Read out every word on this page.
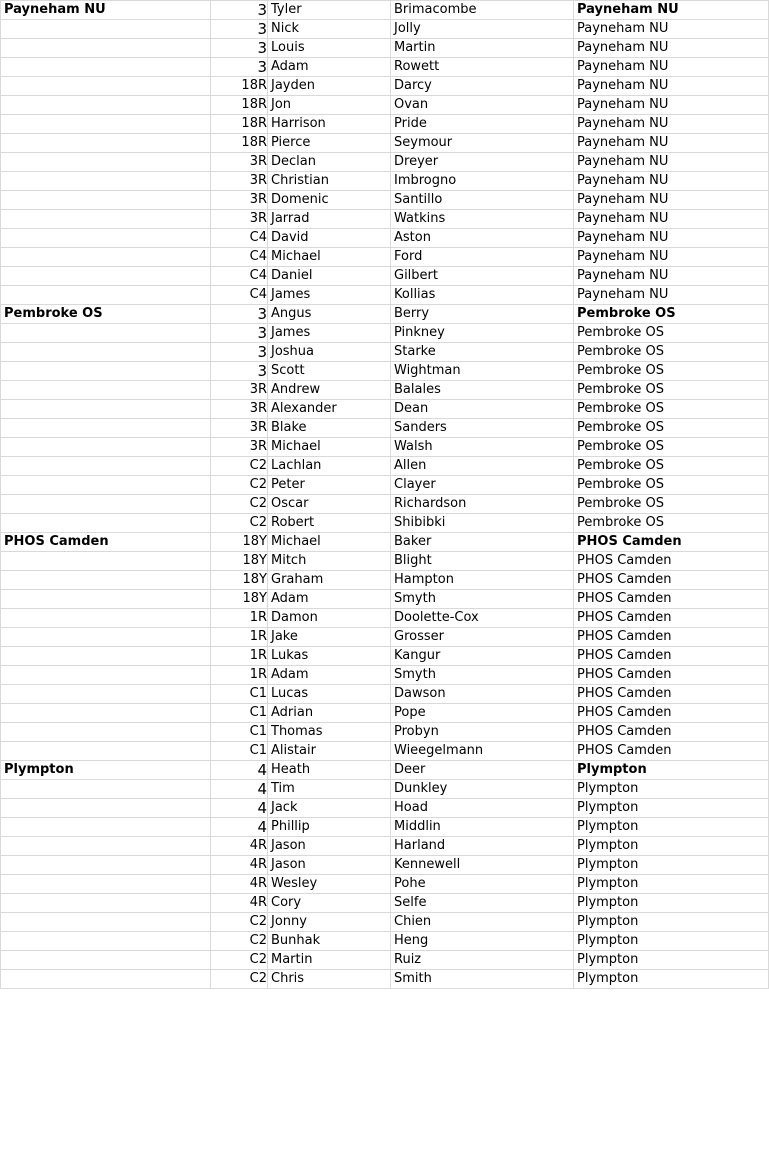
Payneham NU	3	Tyler	Brimacombe	Payneham NU
	3	Nick	Jolly	Payneham NU
	3	Louis	Martin	Payneham NU
	3	Adam	Rowett	Payneham NU
	18R	Jayden	Darcy	Payneham NU
	18R	Jon	Ovan	Payneham NU
	18R	Harrison	Pride	Payneham NU
	18R	Pierce	Seymour	Payneham NU
	3R	Declan	Dreyer	Payneham NU
	3R	Christian	Imbrogno	Payneham NU
	3R	Domenic	Santillo	Payneham NU
	3R	Jarrad	Watkins	Payneham NU
	C4	David	Aston	Payneham NU
	C4	Michael	Ford	Payneham NU
	C4	Daniel	Gilbert	Payneham NU
	C4	James	Kollias	Payneham NU
Pembroke OS	3	Angus	Berry	Pembroke OS
	3	James	Pinkney	Pembroke OS
	3	Joshua	Starke	Pembroke OS
	3	Scott	Wightman	Pembroke OS
	3R	Andrew	Balales	Pembroke OS
	3R	Alexander	Dean	Pembroke OS
	3R	Blake	Sanders	Pembroke OS
	3R	Michael	Walsh	Pembroke OS
	C2	Lachlan	Allen	Pembroke OS
	C2	Peter	Clayer	Pembroke OS
	C2	Oscar	Richardson	Pembroke OS
	C2	Robert	Shibibki	Pembroke OS
PHOS Camden	18Y	Michael	Baker	PHOS Camden
	18Y	Mitch	Blight	PHOS Camden
	18Y	Graham	Hampton	PHOS Camden
	18Y	Adam	Smyth	PHOS Camden
	1R	Damon	Doolette-Cox	PHOS Camden
	1R	Jake	Grosser	PHOS Camden
	1R	Lukas	Kangur	PHOS Camden
	1R	Adam	Smyth	PHOS Camden
	C1	Lucas	Dawson	PHOS Camden
	C1	Adrian	Pope	PHOS Camden
	C1	Thomas	Probyn	PHOS Camden
	C1	Alistair	Wieegelmann	PHOS Camden
Plympton	4	Heath	Deer	Plympton
	4	Tim	Dunkley	Plympton
	4	Jack	Hoad	Plympton
	4	Phillip	Middlin	Plympton
	4R	Jason	Harland	Plympton
	4R	Jason	Kennewell	Plympton
	4R	Wesley	Pohe	Plympton
	4R	Cory	Selfe	Plympton
	C2	Jonny	Chien	Plympton
	C2	Bunhak	Heng	Plympton
	C2	Martin	Ruiz	Plympton
	C2	Chris	Smith	Plympton
